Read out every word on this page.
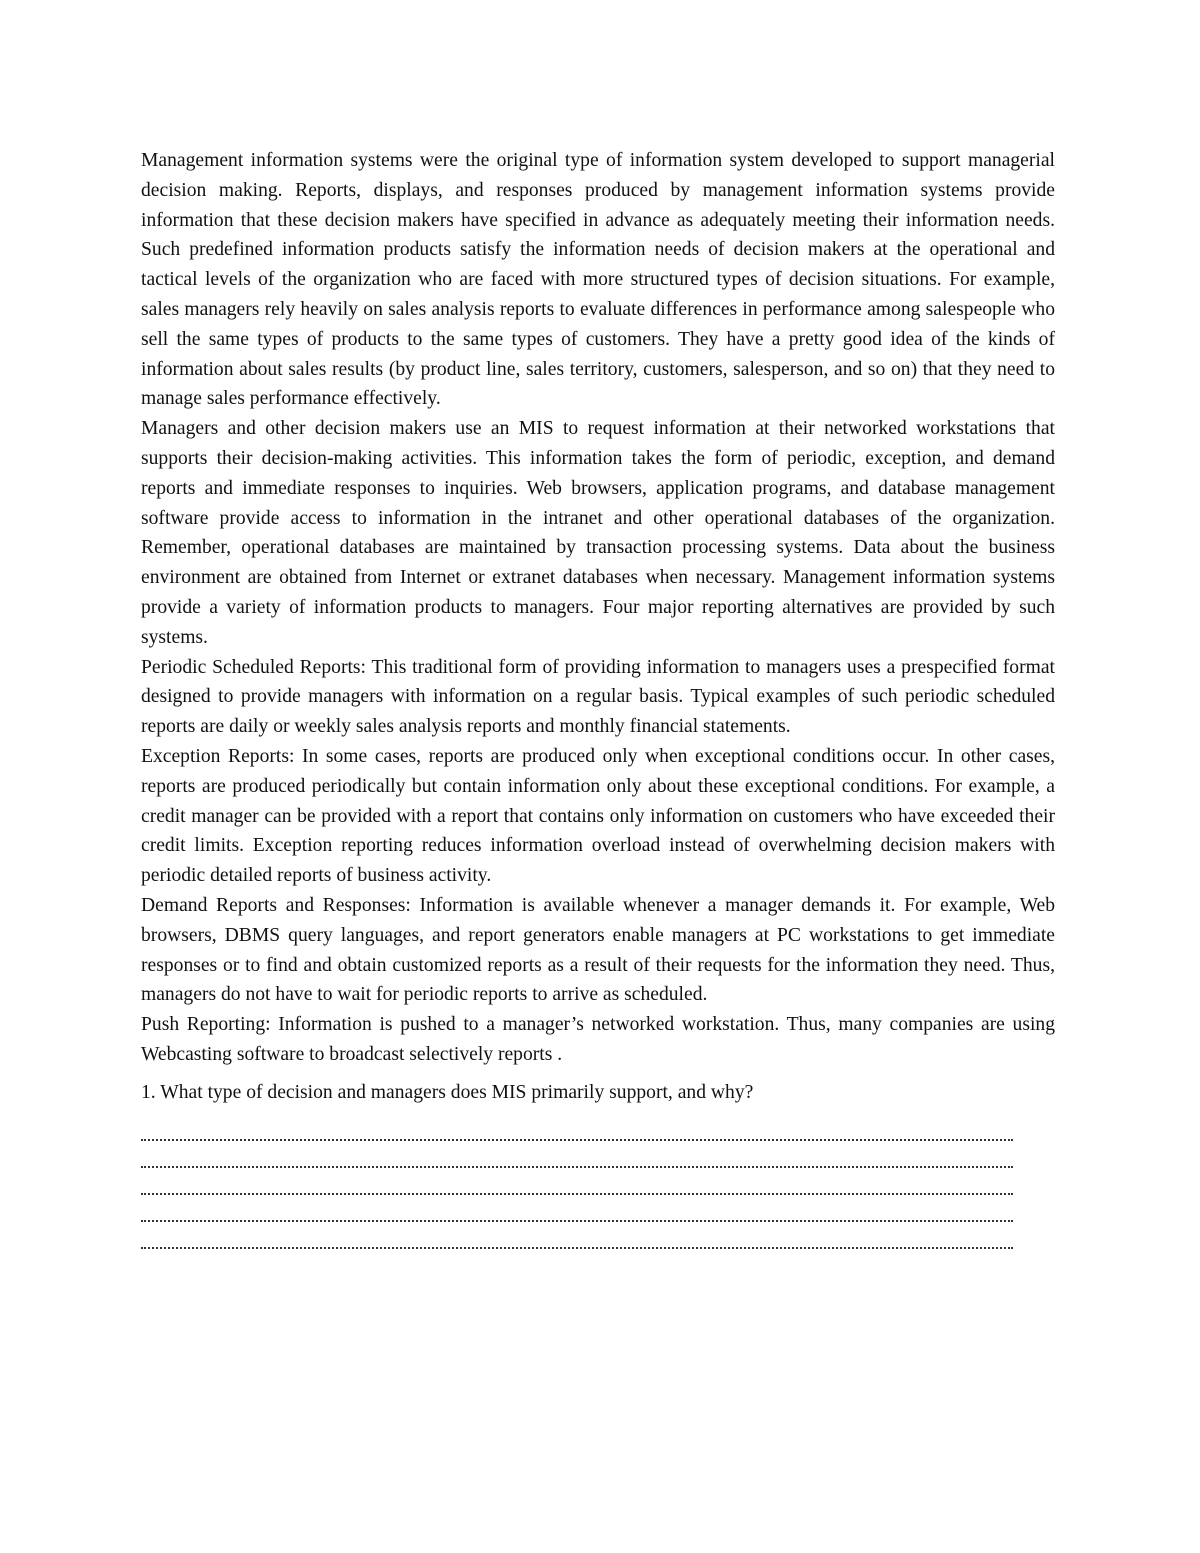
Management information systems were the original type of information system developed to support managerial decision making. Reports, displays, and responses produced by management information systems provide information that these decision makers have specified in advance as adequately meeting their information needs. Such predefined information products satisfy the information needs of decision makers at the operational and tactical levels of the organization who are faced with more structured types of decision situations. For example, sales managers rely heavily on sales analysis reports to evaluate differences in performance among salespeople who sell the same types of products to the same types of customers. They have a pretty good idea of the kinds of information about sales results (by product line, sales territory, customers, salesperson, and so on) that they need to manage sales performance effectively.

Managers and other decision makers use an MIS to request information at their networked workstations that supports their decision-making activities. This information takes the form of periodic, exception, and demand reports and immediate responses to inquiries. Web browsers, application programs, and database management software provide access to information in the intranet and other operational databases of the organization. Remember, operational databases are maintained by transaction processing systems. Data about the business environment are obtained from Internet or extranet databases when necessary. Management information systems provide a variety of information products to managers. Four major reporting alternatives are provided by such systems.

Periodic Scheduled Reports: This traditional form of providing information to managers uses a prespecified format designed to provide managers with information on a regular basis. Typical examples of such periodic scheduled reports are daily or weekly sales analysis reports and monthly financial statements.

Exception Reports: In some cases, reports are produced only when exceptional conditions occur. In other cases, reports are produced periodically but contain information only about these exceptional conditions. For example, a credit manager can be provided with a report that contains only information on customers who have exceeded their credit limits. Exception reporting reduces information overload instead of overwhelming decision makers with periodic detailed reports of business activity.

Demand Reports and Responses: Information is available whenever a manager demands it. For example, Web browsers, DBMS query languages, and report generators enable managers at PC workstations to get immediate responses or to find and obtain customized reports as a result of their requests for the information they need. Thus, managers do not have to wait for periodic reports to arrive as scheduled.

Push Reporting: Information is pushed to a manager’s networked workstation. Thus, many companies are using Webcasting software to broadcast selectively reports .

1. What type of decision and managers does MIS primarily support, and why?
